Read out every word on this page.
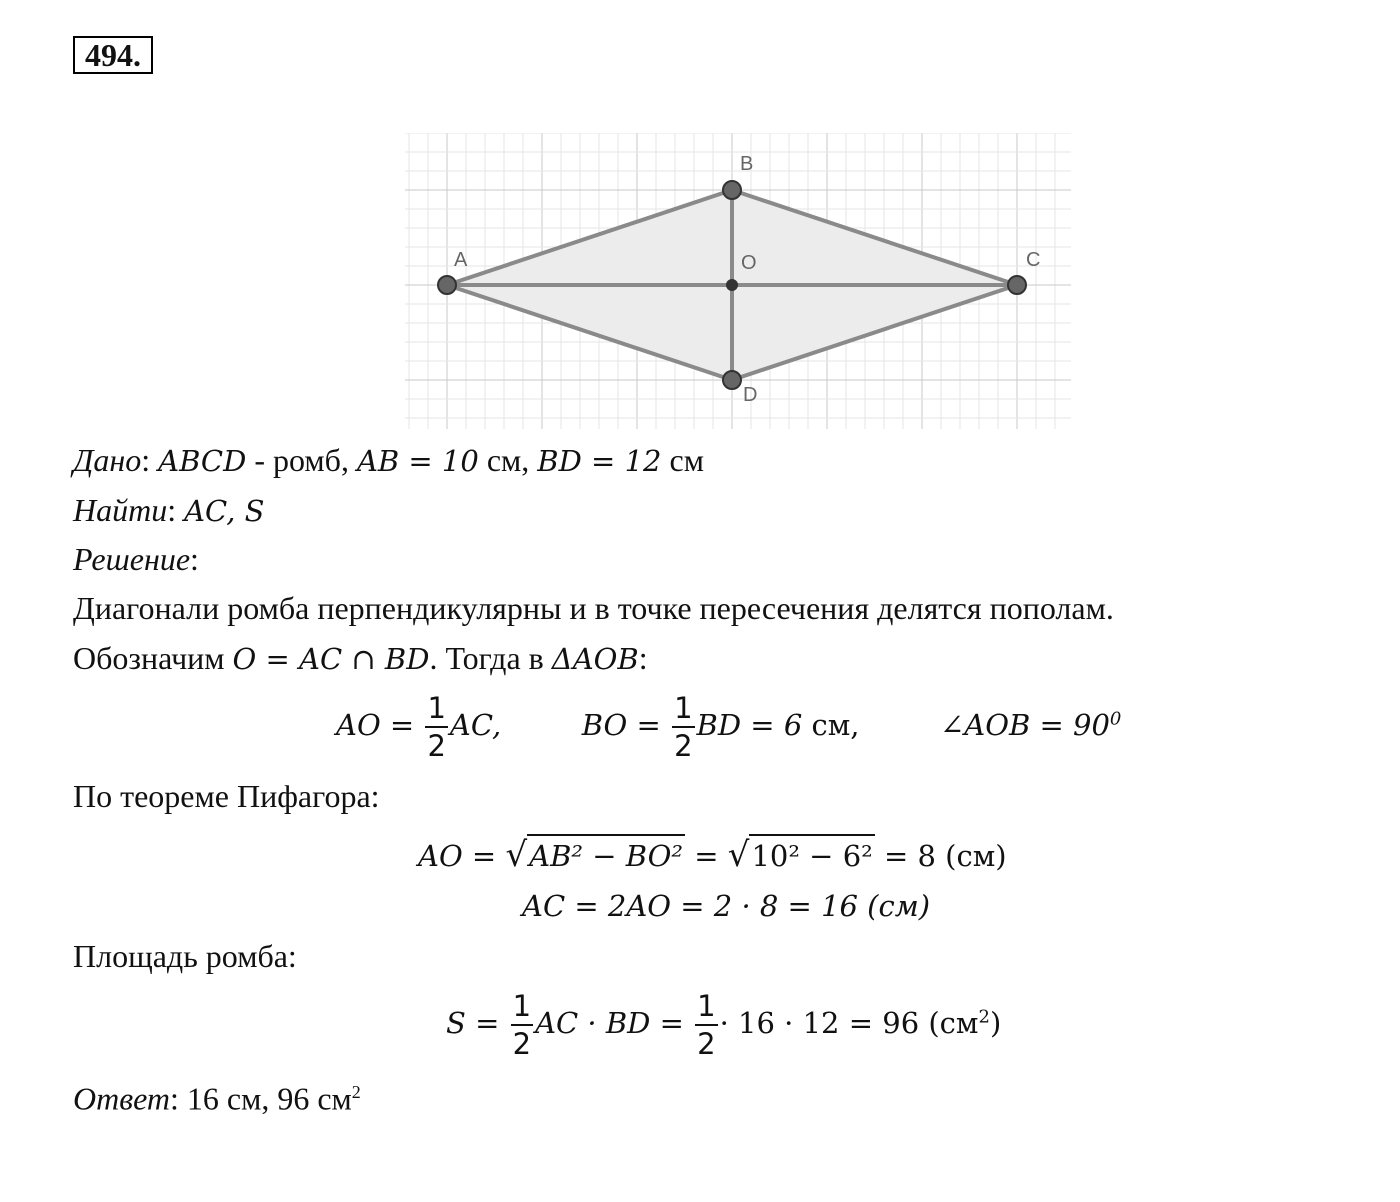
494.
A
B
C
D
O
Дано: ABCD - ромб, AB = 10 см, BD = 12 см
Найти: AC, S
Решение:
Диагонали ромба перпендикулярны и в точке пересечения делятся пополам.
Обозначим O = AC ∩ BD. Тогда в ΔAOB:
AO = $\frac{1}{2}$ AC,	BO = $\frac{1}{2}$ BD = 6 см,	∠AOB = $90^0$
По теореме Пифагора:
AO = √AB² − BO² = √10² − 6² = 8 (см)
AC = 2AO = 2 · 8 = 16 (см)
Площадь ромба:
$S = \frac{1}{2}$ AC · BD = $\frac{1}{2} \cdot 16 \cdot 12 = 96$ $(см^2)$
Ответ: 16 см, 96 $см^2$
